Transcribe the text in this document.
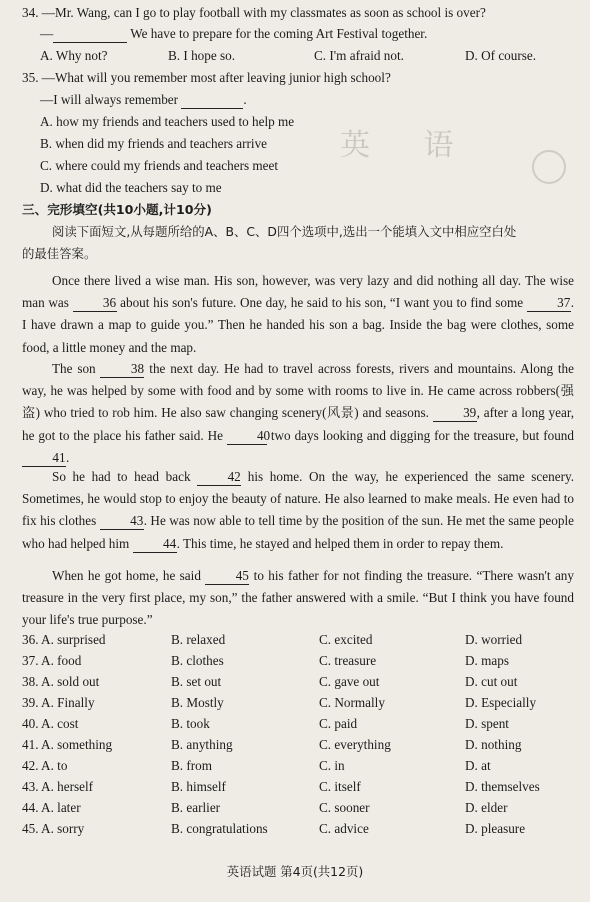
英 语
34. —Mr. Wang, can I go to play football with my classmates as soon as school is over?
—	We have to prepare for the coming Art Festival together.
A. Why not?	B. I hope so.	C. I'm afraid not.	D. Of course.
35. —What will you remember most after leaving junior high school?
—I will always remember	.
A. how my friends and teachers used to help me
B. when did my friends and teachers arrive
C. where could my friends and teachers meet
D. what did the teachers say to me
三、完形填空(共10小题,计10分)
阅读下面短文,从每题所给的A、B、C、D四个选项中,选出一个能填入文中相应空白处
的最佳答案。
Once there lived a wise man. His son, however, was very lazy and did nothing all day. The wise man was 36 about his son's future. One day, he said to his son, “I want you to find some 37. I have drawn a map to guide you.” Then he handed his son a bag. Inside the bag were clothes, some food, a little money and the map.
The son 38 the next day. He had to travel across forests, rivers and mountains. Along the way, he was helped by some with food and by some with rooms to live in. He came across robbers(强盗) who tried to rob him. He also saw changing scenery(风景) and seasons. 39, after a long year, he got to the place his father said. He 40 two days looking and digging for the treasure, but found 41.
So he had to head back 42 his home. On the way, he experienced the same scenery. Sometimes, he would stop to enjoy the beauty of nature. He also learned to make meals. He even had to fix his clothes 43. He was now able to tell time by the position of the sun. He met the same people who had helped him 44. This time, he stayed and helped them in order to repay them.
When he got home, he said 45 to his father for not finding the treasure. “There wasn't any treasure in the very first place, my son,” the father answered with a smile. “But I think you have found your life's true purpose.”
36. A. surprised	B. relaxed	C. excited	D. worried
37. A. food	B. clothes	C. treasure	D. maps
38. A. sold out	B. set out	C. gave out	D. cut out
39. A. Finally	B. Mostly	C. Normally	D. Especially
40. A. cost	B. took	C. paid	D. spent
41. A. something	B. anything	C. everything	D. nothing
42. A. to	B. from	C. in	D. at
43. A. herself	B. himself	C. itself	D. themselves
44. A. later	B. earlier	C. sooner	D. elder
45. A. sorry	B. congratulations	C. advice	D. pleasure
英语试题 第4页(共12页)
